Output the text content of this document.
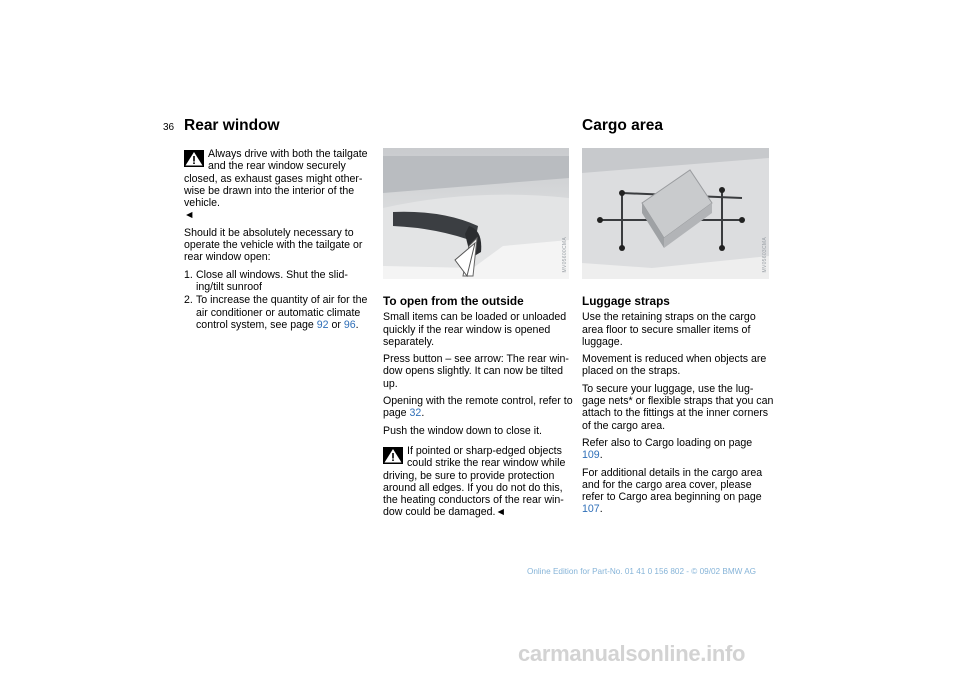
36 Rear window	Cargo area
Always drive with both the tailgate
and the rear window securely
closed, as exhaust gases might other-
wise be drawn into the interior of the
vehicle.
◄

Should it be absolutely necessary to operate the vehicle with the tailgate or rear window open:

1. Close all windows. Shut the slid-ing/tilt sunroof
2. To increase the quantity of air for the air conditioner or automatic climate control system, see page 92 or 96.
MV05600CMA	MV05603CMA

To open from the outside

Small items can be loaded or unloaded quickly if the rear window is opened separately.

Press button – see arrow: The rear win-dow opens slightly. It can now be tilted up.

Opening with the remote control, refer to page 32.

Push the window down to close it.

If pointed or sharp-edged objects
could strike the rear window while
driving, be sure to provide protection
around all edges. If you do not do this,
the heating conductors of the rear win-
dow could be damaged.◄

Luggage straps

Use the retaining straps on the cargo area floor to secure smaller items of luggage.

Movement is reduced when objects are placed on the straps.

To secure your luggage, use the lug-gage nets* or flexible straps that you can attach to the fittings at the inner corners of the cargo area.

Refer also to Cargo loading on page 109.

For additional details in the cargo area and for the cargo area cover, please refer to Cargo area beginning on page 107.

Online Edition for Part-No. 01 41 0 156 802 - © 09/02 BMW AG
carmanualsonline.info
